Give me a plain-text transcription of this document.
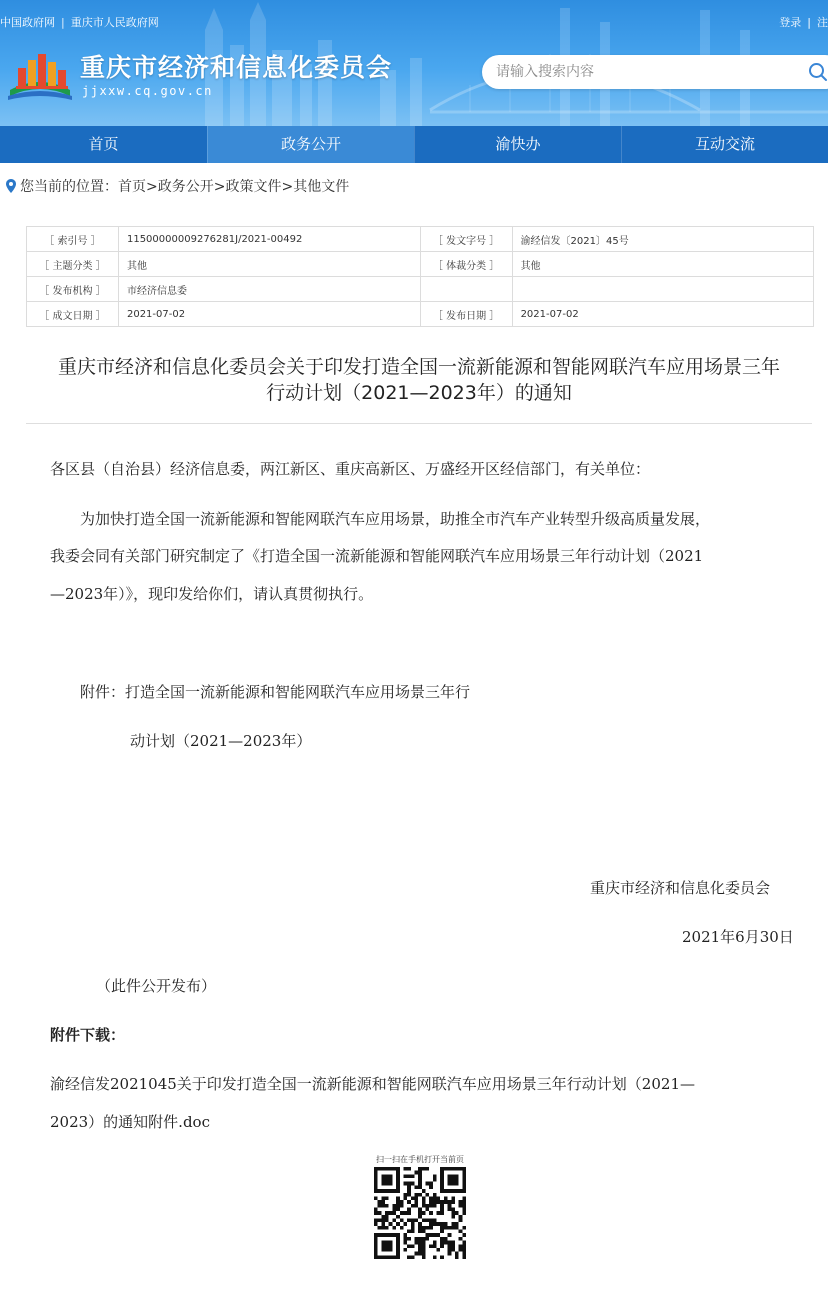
中国政府网 | 重庆市人民政府网	登录 | 注
重庆市经济和信息化委员会
jjxxw.cq.gov.cn
请输入搜索内容
首页	政务公开	渝快办	互动交流
您当前的位置：首页>政务公开>政策文件>其他文件
［ 索引号 ］	11500000009276281J/2021-00492	［ 发文字号 ］	渝经信发〔2021〕45号
［ 主题分类 ］	其他	［ 体裁分类 ］	其他
［ 发布机构 ］	市经济信息委		
［ 成文日期 ］	2021-07-02	［ 发布日期 ］	2021-07-02
重庆市经济和信息化委员会关于印发打造全国一流新能源和智能网联汽车应用场景三年
行动计划（2021—2023年）的通知
各区县（自治县）经济信息委，两江新区、重庆高新区、万盛经开区经信部门，有关单位：
为加快打造全国一流新能源和智能网联汽车应用场景，助推全市汽车产业转型升级高质量发展，
我委会同有关部门研究制定了《打造全国一流新能源和智能网联汽车应用场景三年行动计划（2021
—2023年）》，现印发给你们，请认真贯彻执行。
附件：打造全国一流新能源和智能网联汽车应用场景三年行
动计划（2021—2023年）
重庆市经济和信息化委员会
2021年6月30日
（此件公开发布）
附件下载：
渝经信发2021045关于印发打造全国一流新能源和智能网联汽车应用场景三年行动计划（2021—
2023）的通知附件.doc
扫一扫在手机打开当前页
